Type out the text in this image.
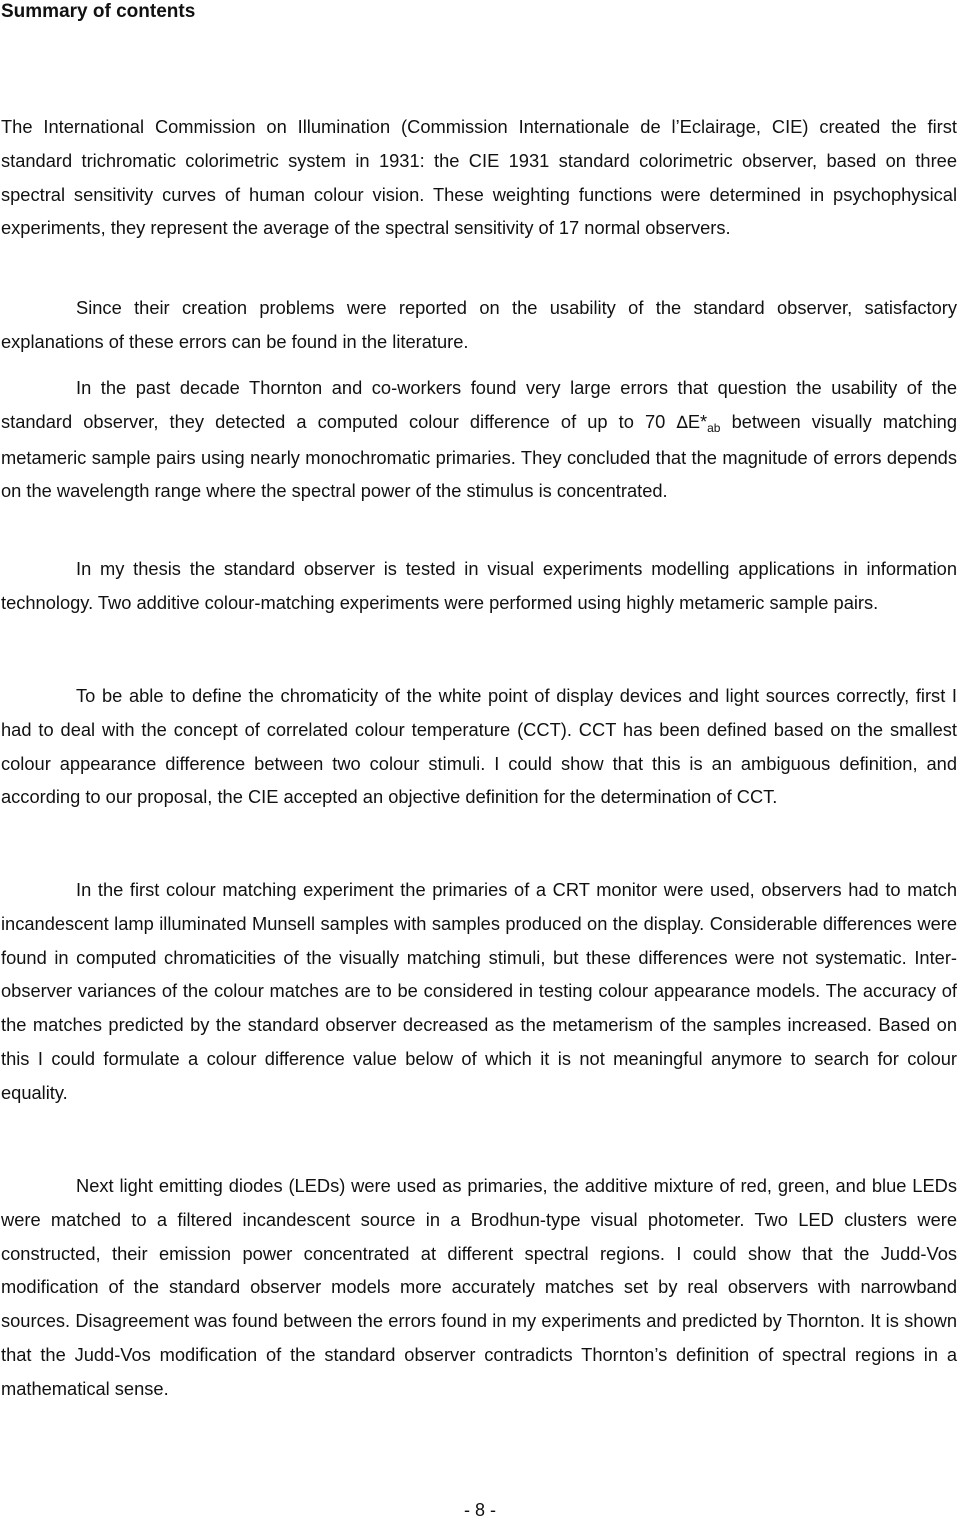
Summary of contents

The International Commission on Illumination (Commission Internationale de l’Eclairage, CIE) created the first standard trichromatic colorimetric system in 1931: the CIE 1931 standard colorimetric observer, based on three spectral sensitivity curves of human colour vision. These weighting functions were determined in psychophysical experiments, they represent the average of the spectral sensitivity of 17 normal observers.

Since their creation problems were reported on the usability of the standard observer, satisfactory explanations of these errors can be found in the literature.

In the past decade Thornton and co-workers found very large errors that question the usability of the standard observer, they detected a computed colour difference of up to 70 $\Delta E*_{ab}$ between visually matching metameric sample pairs using nearly monochromatic primaries. They concluded that the magnitude of errors depends on the wavelength range where the spectral power of the stimulus is concentrated.

In my thesis the standard observer is tested in visual experiments modelling applications in information technology. Two additive colour-matching experiments were performed using highly metameric sample pairs.

To be able to define the chromaticity of the white point of display devices and light sources correctly, first I had to deal with the concept of correlated colour temperature (CCT). CCT has been defined based on the smallest colour appearance difference between two colour stimuli. I could show that this is an ambiguous definition, and according to our proposal, the CIE accepted an objective definition for the determination of CCT.

In the first colour matching experiment the primaries of a CRT monitor were used, observers had to match incandescent lamp illuminated Munsell samples with samples produced on the display. Considerable differences were found in computed chromaticities of the visually matching stimuli, but these differences were not systematic. Inter-observer variances of the colour matches are to be considered in testing colour appearance models. The accuracy of the matches predicted by the standard observer decreased as the metamerism of the samples increased. Based on this I could formulate a colour difference value below of which it is not meaningful anymore to search for colour equality.

Next light emitting diodes (LEDs) were used as primaries, the additive mixture of red, green, and blue LEDs were matched to a filtered incandescent source in a Brodhun-type visual photometer. Two LED clusters were constructed, their emission power concentrated at different spectral regions. I could show that the Judd-Vos modification of the standard observer models more accurately matches set by real observers with narrowband sources. Disagreement was found between the errors found in my experiments and predicted by Thornton. It is shown that the Judd-Vos modification of the standard observer contradicts Thornton’s definition of spectral regions in a mathematical sense.

- 8 -
